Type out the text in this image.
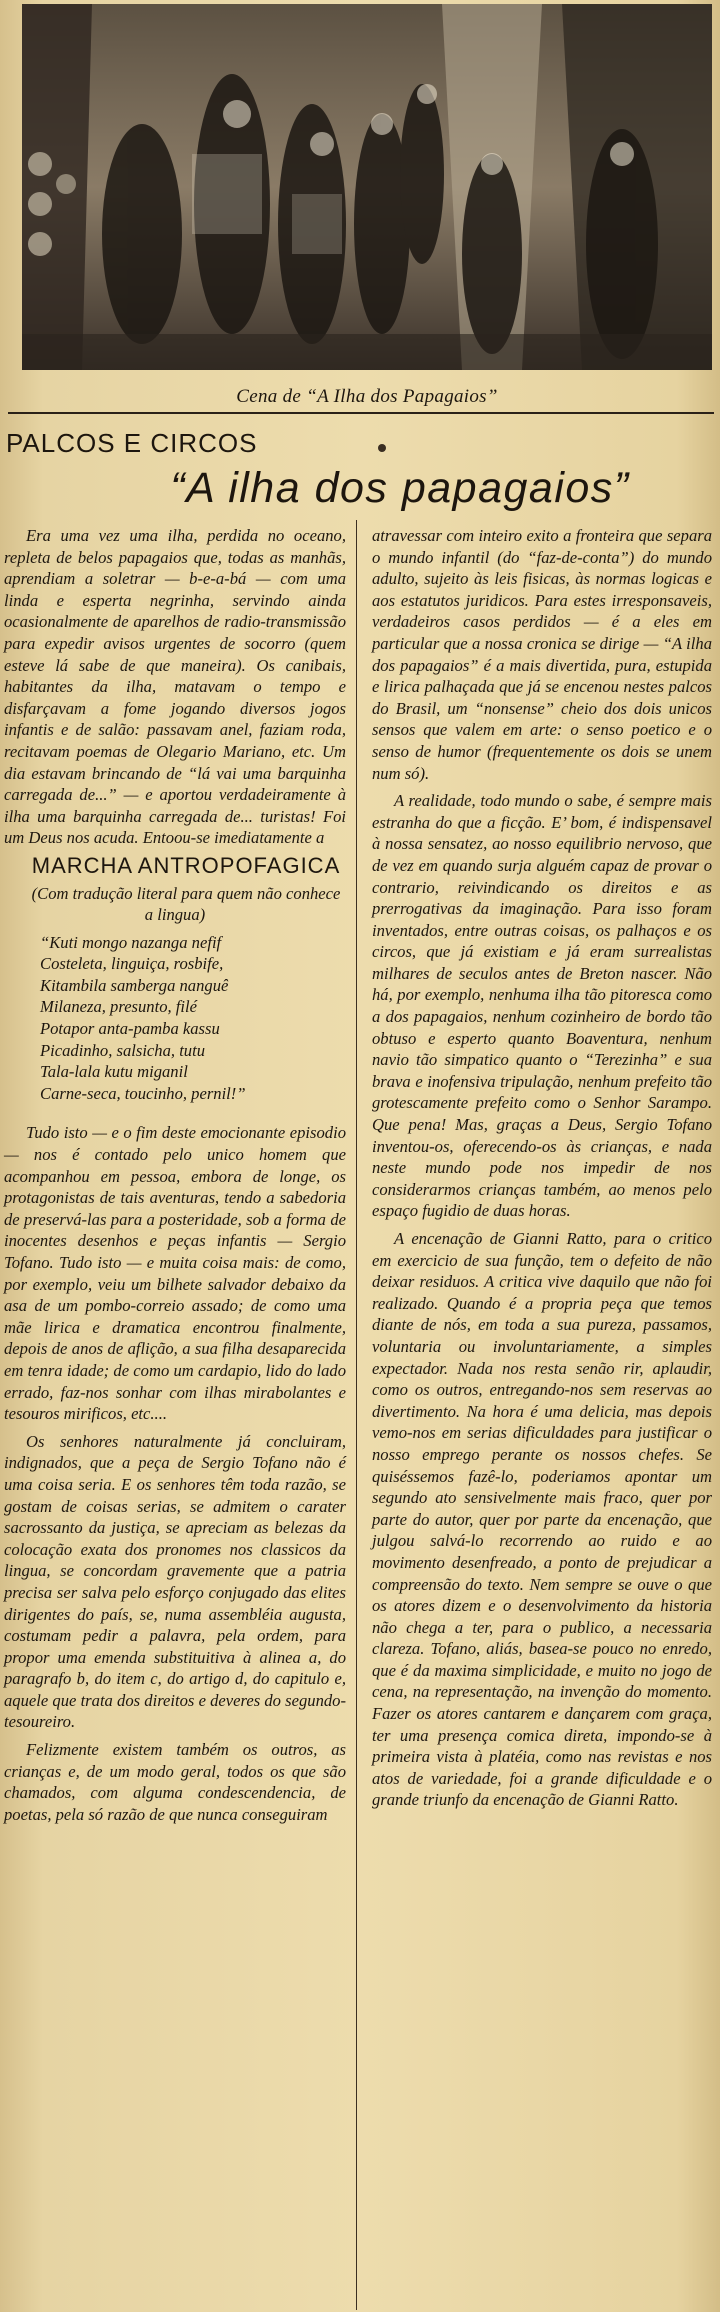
Cena de “A Ilha dos Papagaios”
PALCOS E CIRCOS
“A ilha dos papagaios”

Era uma vez uma ilha, perdida no oceano, repleta de belos papagaios que, todas as manhãs, aprendiam a soletrar — b-e-a-bá — com uma linda e esperta negrinha, servindo ainda ocasionalmente de aparelhos de radio-transmissão para expedir avisos urgentes de socorro (quem esteve lá sabe de que maneira). Os canibais, habitantes da ilha, matavam o tempo e disfarçavam a fome jogando diversos jogos infantis e de salão: passavam anel, faziam roda, recitavam poemas de Olegario Mariano, etc. Um dia estavam brincando de “lá vai uma barquinha carregada de...” — e aportou verdadeiramente à ilha uma barquinha carregada de... turistas! Foi um Deus nos acuda. Entoou-se imediatamente a

MARCHA ANTROPOFAGICA

(Com tradução literal para quem não conhece a lingua)

“Kuti mongo nazanga nefif
Costeleta, linguiça, rosbife,
Kitambila samberga nanguê
Milaneza, presunto, filé
Potapor anta-pamba kassu
Picadinho, salsicha, tutu
Tala-lala kutu miganil
Carne-seca, toucinho, pernil!”

Tudo isto — e o fim deste emocionante episodio — nos é contado pelo unico homem que acompanhou em pessoa, embora de longe, os protagonistas de tais aventuras, tendo a sabedoria de preservá-las para a posteridade, sob a forma de inocentes desenhos e peças infantis — Sergio Tofano. Tudo isto — e muita coisa mais: de como, por exemplo, veiu um bilhete salvador debaixo da asa de um pombo-correio assado; de como uma mãe lirica e dramatica encontrou finalmente, depois de anos de aflição, a sua filha desaparecida em tenra idade; de como um cardapio, lido do lado errado, faz-nos sonhar com ilhas mirabolantes e tesouros mirificos, etc....

Os senhores naturalmente já concluiram, indignados, que a peça de Sergio Tofano não é uma coisa seria. E os senhores têm toda razão, se gostam de coisas serias, se admitem o carater sacrossanto da justiça, se apreciam as belezas da colocação exata dos pronomes nos classicos da lingua, se concordam gravemente que a patria precisa ser salva pelo esforço conjugado das elites dirigentes do país, se, numa assembléia augusta, costumam pedir a palavra, pela ordem, para propor uma emenda substituitiva à alinea a, do paragrafo b, do item c, do artigo d, do capitulo e, aquele que trata dos direitos e deveres do segundo-tesoureiro.

Felizmente existem também os outros, as crianças e, de um modo geral, todos os que são chamados, com alguma condescendencia, de poetas, pela só razão de que nunca conseguiram

atravessar com inteiro exito a fronteira que separa o mundo infantil (do “faz-de-conta”) do mundo adulto, sujeito às leis fisicas, às normas logicas e aos estatutos juridicos. Para estes irresponsaveis, verdadeiros casos perdidos — é a eles em particular que a nossa cronica se dirige — “A ilha dos papagaios” é a mais divertida, pura, estupida e lirica palhaçada que já se encenou nestes palcos do Brasil, um “nonsense” cheio dos dois unicos sensos que valem em arte: o senso poetico e o senso de humor (frequentemente os dois se unem num só).

A realidade, todo mundo o sabe, é sempre mais estranha do que a ficção. E’ bom, é indispensavel à nossa sensatez, ao nosso equilibrio nervoso, que de vez em quando surja alguém capaz de provar o contrario, reivindicando os direitos e as prerrogativas da imaginação. Para isso foram inventados, entre outras coisas, os palhaços e os circos, que já existiam e já eram surrealistas milhares de seculos antes de Breton nascer. Não há, por exemplo, nenhuma ilha tão pitoresca como a dos papagaios, nenhum cozinheiro de bordo tão obtuso e esperto quanto Boaventura, nenhum navio tão simpatico quanto o “Terezinha” e sua brava e inofensiva tripulação, nenhum prefeito tão grotescamente prefeito como o Senhor Sarampo. Que pena! Mas, graças a Deus, Sergio Tofano inventou-os, oferecendo-os às crianças, e nada neste mundo pode nos impedir de nos considerarmos crianças também, ao menos pelo espaço fugidio de duas horas.

A encenação de Gianni Ratto, para o critico em exercicio de sua função, tem o defeito de não deixar residuos. A critica vive daquilo que não foi realizado. Quando é a propria peça que temos diante de nós, em toda a sua pureza, passamos, voluntaria ou involuntariamente, a simples expectador. Nada nos resta senão rir, aplaudir, como os outros, entregando-nos sem reservas ao divertimento. Na hora é uma delicia, mas depois vemo-nos em serias dificuldades para justificar o nosso emprego perante os nossos chefes. Se quiséssemos fazê-lo, poderiamos apontar um segundo ato sensivelmente mais fraco, quer por parte do autor, quer por parte da encenação, que julgou salvá-lo recorrendo ao ruido e ao movimento desenfreado, a ponto de prejudicar a compreensão do texto. Nem sempre se ouve o que os atores dizem e o desenvolvimento da historia não chega a ter, para o publico, a necessaria clareza. Tofano, aliás, basea-se pouco no enredo, que é da maxima simplicidade, e muito no jogo de cena, na representação, na invenção do momento. Fazer os atores cantarem e dançarem com graça, ter uma presença comica direta, impondo-se à primeira vista à platéia, como nas revistas e nos atos de variedade, foi a grande dificuldade e o grande triunfo da encenação de Gianni Ratto.
